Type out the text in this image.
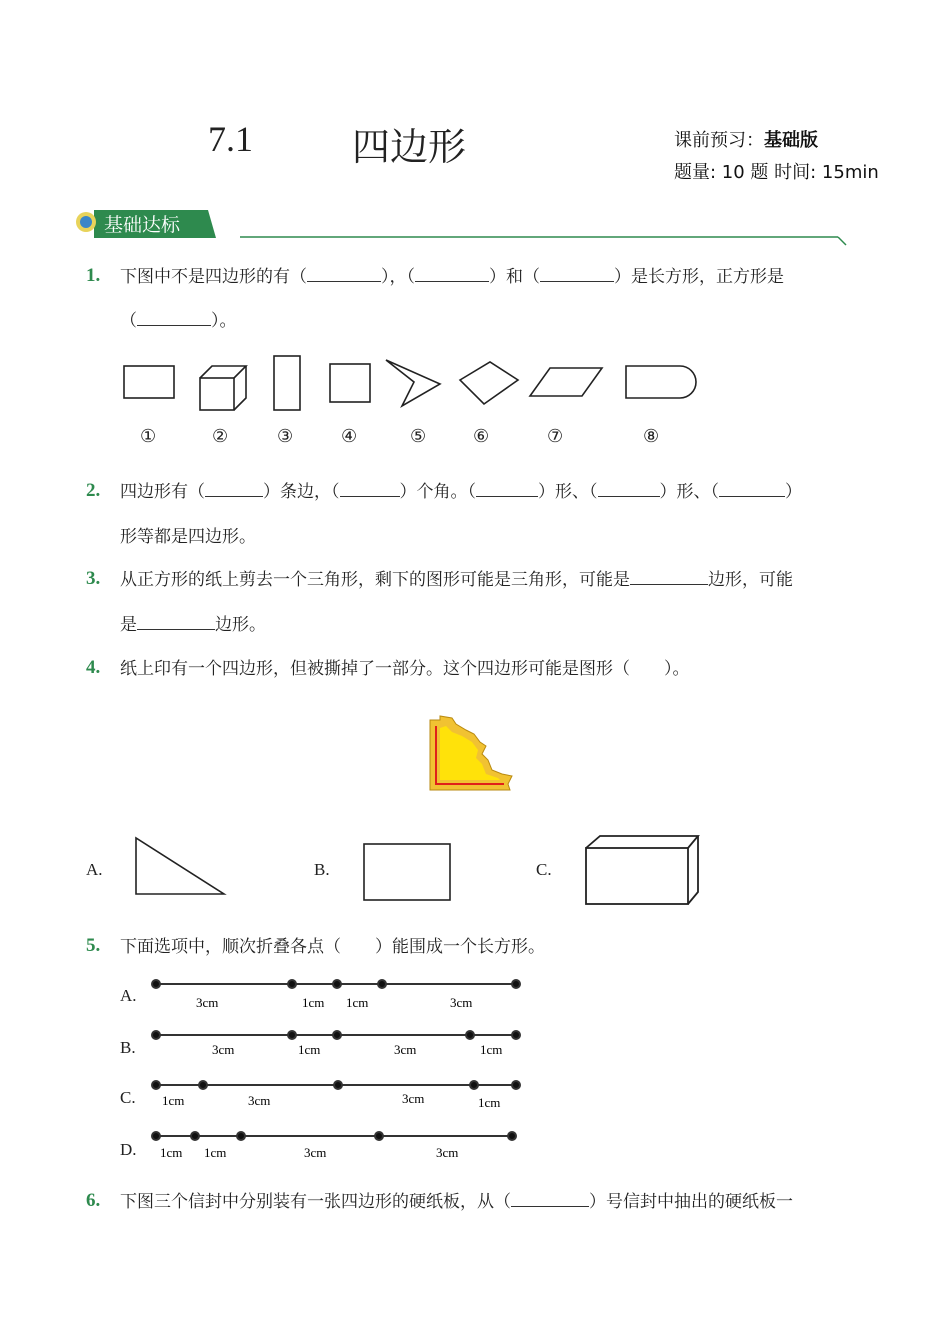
7.1	四边形	课前预习：基础版
题量: 10 题 时间: 15min
基础达标
1. 下图中不是四边形的有（	），（	）和（	）是长方形，正方形是
（	）。
①	②	③	④	⑤	⑥	⑦	⑧
2. 四边形有（	）条边，（	）个角。（	）形、（	）形、（	）
形等都是四边形。
3. 从正方形的纸上剪去一个三角形，剩下的图形可能是三角形，可能是	边形，可能
是	边形。
4. 纸上印有一个四边形，但被撕掉了一部分。这个四边形可能是图形（　　）。
A.	B.	C.
5. 下面选项中，顺次折叠各点（　　）能围成一个长方形。
A.
B.
C.
D.
3cm	1cm 1cm	3cm
3cm	1cm	3cm	1cm
1cm	3cm	3cm	1cm
1cm 1cm	3cm	3cm
6. 下图三个信封中分别装有一张四边形的硬纸板，从（	）号信封中抽出的硬纸板一
